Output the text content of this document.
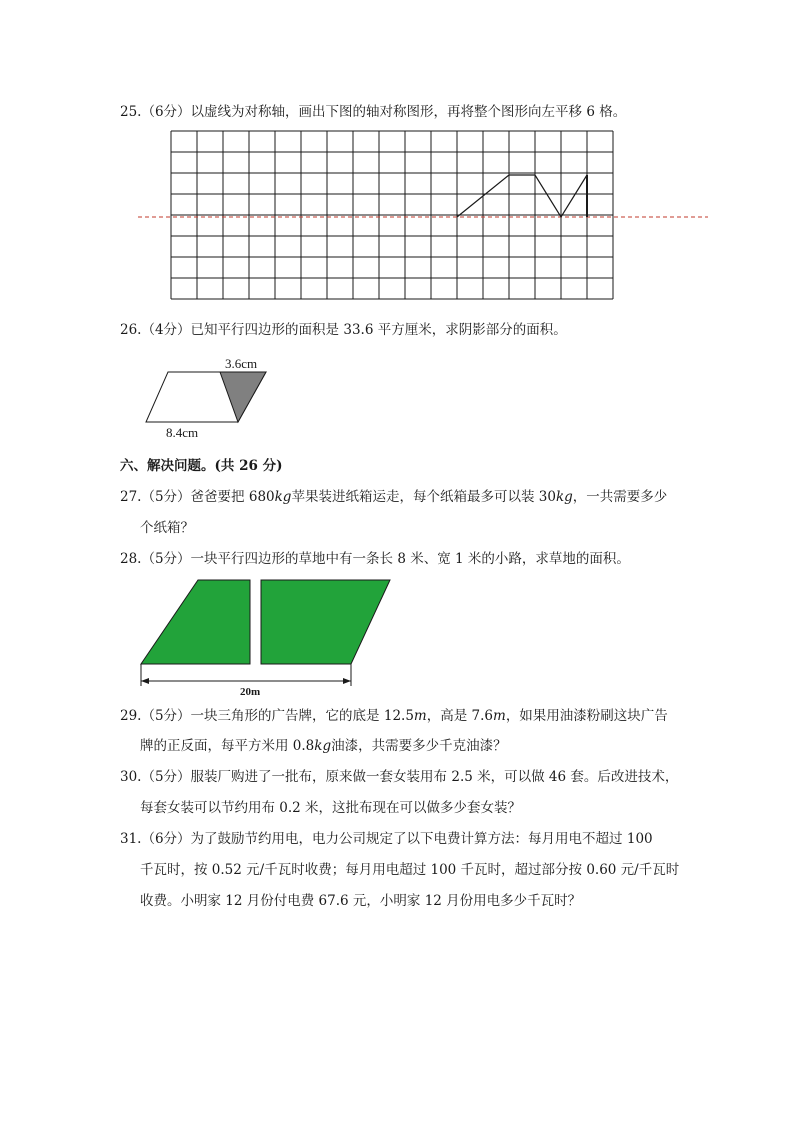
25.（6分）以虚线为对称轴，画出下图的轴对称图形，再将整个图形向左平移 6 格。
26.（4分）已知平行四边形的面积是 33.6 平方厘米，求阴影部分的面积。
3.6cm
8.4cm
六、解决问题。(共 26 分)
27.（5分）爸爸要把 680kg苹果装进纸箱运走，每个纸箱最多可以装 30kg，一共需要多少
个纸箱？
28.（5分）一块平行四边形的草地中有一条长 8 米、宽 1 米的小路，求草地的面积。
20m
29.（5分）一块三角形的广告牌，它的底是 12.5m，高是 7.6m，如果用油漆粉刷这块广告
牌的正反面，每平方米用 0.8kg油漆，共需要多少千克油漆？
30.（5分）服装厂购进了一批布，原来做一套女装用布 2.5 米，可以做 46 套。后改进技术，
每套女装可以节约用布 0.2 米，这批布现在可以做多少套女装？
31.（6分）为了鼓励节约用电，电力公司规定了以下电费计算方法：每月用电不超过 100
千瓦时，按 0.52 元/千瓦时收费；每月用电超过 100 千瓦时，超过部分按 0.60 元/千瓦时
收费。小明家 12 月份付电费 67.6 元，小明家 12 月份用电多少千瓦时？
